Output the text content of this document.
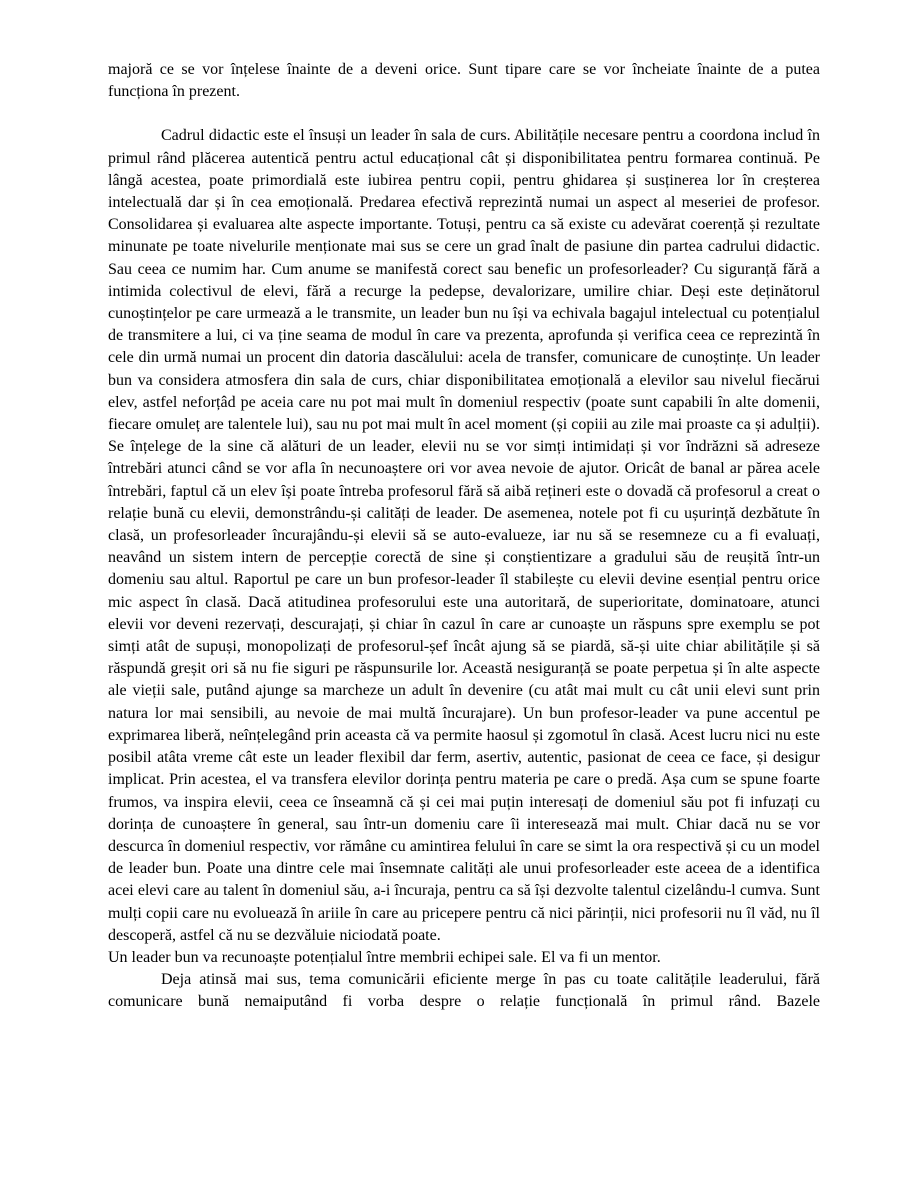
majoră ce se vor înțelese înainte de a deveni orice. Sunt tipare care se vor încheiate înainte de a putea funcționa în prezent.

Cadrul didactic este el însuși un leader în sala de curs. Abilitățile necesare pentru a coordona includ în primul rând plăcerea autentică pentru actul educațional cât și disponibilitatea pentru formarea continuă. Pe lângă acestea, poate primordială este iubirea pentru copii, pentru ghidarea și susținerea lor în creșterea intelectuală dar și în cea emoțională. Predarea efectivă reprezintă numai un aspect al meseriei de profesor. Consolidarea și evaluarea alte aspecte importante. Totuși, pentru ca să existe cu adevărat coerență și rezultate minunate pe toate nivelurile menționate mai sus se cere un grad înalt de pasiune din partea cadrului didactic. Sau ceea ce numim har. Cum anume se manifestă corect sau benefic un profesorleader? Cu siguranță fără a intimida colectivul de elevi, fără a recurge la pedepse, devalorizare, umilire chiar. Deși este deținătorul cunoștințelor pe care urmează a le transmite, un leader bun nu își va echivala bagajul intelectual cu potențialul de transmitere a lui, ci va ține seama de modul în care va prezenta, aprofunda și verifica ceea ce reprezintă în cele din urmă numai un procent din datoria dascălului: acela de transfer, comunicare de cunoștințe. Un leader bun va considera atmosfera din sala de curs, chiar disponibilitatea emoțională a elevilor sau nivelul fiecărui elev, astfel neforțâd pe aceia care nu pot mai mult în domeniul respectiv (poate sunt capabili în alte domenii, fiecare omuleț are talentele lui), sau nu pot mai mult în acel moment (și copiii au zile mai proaste ca și adulții). Se înțelege de la sine că alături de un leader, elevii nu se vor simți intimidați și vor îndrăzni să adreseze întrebări atunci când se vor afla în necunoaștere ori vor avea nevoie de ajutor. Oricât de banal ar părea acele întrebări, faptul că un elev își poate întreba profesorul fără să aibă rețineri este o dovadă că profesorul a creat o relație bună cu elevii, demonstrându-și calități de leader. De asemenea, notele pot fi cu ușurință dezbătute în clasă, un profesorleader încurajându-și elevii să se auto-evalueze, iar nu să se resemneze cu a fi evaluați, neavând un sistem intern de percepție corectă de sine și conștientizare a gradului său de reușită într-un domeniu sau altul. Raportul pe care un bun profesor-leader îl stabilește cu elevii devine esențial pentru orice mic aspect în clasă. Dacă atitudinea profesorului este una autoritară, de superioritate, dominatoare, atunci elevii vor deveni rezervați, descurajați, și chiar în cazul în care ar cunoaște un răspuns spre exemplu se pot simți atât de supuși, monopolizați de profesorul-șef încât ajung să se piardă, să-și uite chiar abilitățile și să răspundă greșit ori să nu fie siguri pe răspunsurile lor. Această nesiguranță se poate perpetua și în alte aspecte ale vieții sale, putând ajunge sa marcheze un adult în devenire (cu atât mai mult cu cât unii elevi sunt prin natura lor mai sensibili, au nevoie de mai multă încurajare). Un bun profesor-leader va pune accentul pe exprimarea liberă, neînțelegând prin aceasta că va permite haosul și zgomotul în clasă. Acest lucru nici nu este posibil atâta vreme cât este un leader flexibil dar ferm, asertiv, autentic, pasionat de ceea ce face, și desigur implicat. Prin acestea, el va transfera elevilor dorința pentru materia pe care o predă. Așa cum se spune foarte frumos, va inspira elevii, ceea ce înseamnă că și cei mai puțin interesați de domeniul său pot fi infuzați cu dorința de cunoaștere în general, sau într-un domeniu care îi interesează mai mult. Chiar dacă nu se vor descurca în domeniul respectiv, vor rămâne cu amintirea felului în care se simt la ora respectivă și cu un model de leader bun. Poate una dintre cele mai însemnate calități ale unui profesorleader este aceea de a identifica acei elevi care au talent în domeniul său, a-i încuraja, pentru ca să își dezvolte talentul cizelându-l cumva. Sunt mulți copii care nu evoluează în ariile în care au pricepere pentru că nici părinții, nici profesorii nu îl văd, nu îl descoperă, astfel că nu se dezvăluie niciodată poate.

Un leader bun va recunoaște potențialul între membrii echipei sale. El va fi un mentor.

Deja atinsă mai sus, tema comunicării eficiente merge în pas cu toate calitățile leaderului, fără comunicare bună nemaiputând fi vorba despre o relație funcțională în primul rând. Bazele
